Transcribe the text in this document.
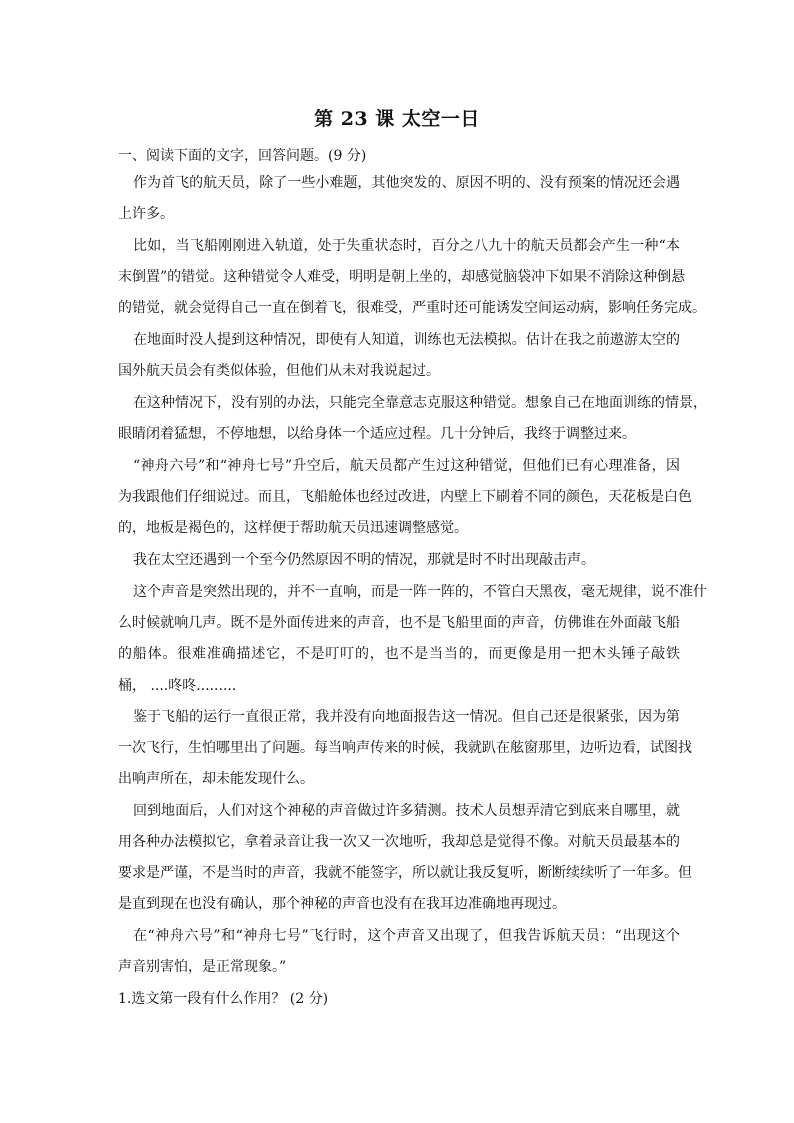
第 23 课 太空一日
一、阅读下面的文字，回答问题。(9 分)
作为首飞的航天员，除了一些小难题，其他突发的、原因不明的、没有预案的情况还会遇
上许多。
比如，当飞船刚刚进入轨道，处于失重状态时，百分之八九十的航天员都会产生一种“本
末倒置”的错觉。这种错觉令人难受，明明是朝上坐的，却感觉脑袋冲下如果不消除这种倒悬
的错觉，就会觉得自己一直在倒着飞，很难受，严重时还可能诱发空间运动病，影响任务完成。
在地面时没人提到这种情况，即使有人知道，训练也无法模拟。估计在我之前遨游太空的
国外航天员会有类似体验，但他们从未对我说起过。
在这种情况下，没有别的办法，只能完全靠意志克服这种错觉。想象自己在地面训练的情景，
眼睛闭着猛想，不停地想，以给身体一个适应过程。几十分钟后，我终于调整过来。
“神舟六号”和“神舟七号”升空后，航天员都产生过这种错觉，但他们已有心理准备，因
为我跟他们仔细说过。而且，飞船舱体也经过改进，内壁上下刷着不同的颜色，天花板是白色
的，地板是褐色的，这样便于帮助航天员迅速调整感觉。
我在太空还遇到一个至今仍然原因不明的情况，那就是时不时出现敲击声。
这个声音是突然出现的，并不一直响，而是一阵一阵的，不管白天黑夜，毫无规律，说不准什
么时候就响几声。既不是外面传进来的声音，也不是飞船里面的声音，仿佛谁在外面敲飞船
的船体。很难准确描述它，不是叮叮的，也不是当当的，而更像是用一把木头锤子敲铁
桶， ....咚咚.........
鉴于飞船的运行一直很正常，我并没有向地面报告这一情况。但自己还是很紧张，因为第
一次飞行，生怕哪里出了问题。每当响声传来的时候，我就趴在舷窗那里，边听边看，试图找
出响声所在，却未能发现什么。
回到地面后，人们对这个神秘的声音做过许多猜测。技术人员想弄清它到底来自哪里，就
用各种办法模拟它，拿着录音让我一次又一次地听，我却总是觉得不像。对航天员最基本的
要求是严谨，不是当时的声音，我就不能签字，所以就让我反复听，断断续续听了一年多。但
是直到现在也没有确认，那个神秘的声音也没有在我耳边准确地再现过。
在“神舟六号”和“神舟七号”飞行时，这个声音又出现了，但我告诉航天员：“出现这个
声音别害怕，是正常现象。”
1.选文第一段有什么作用？ (2 分)
